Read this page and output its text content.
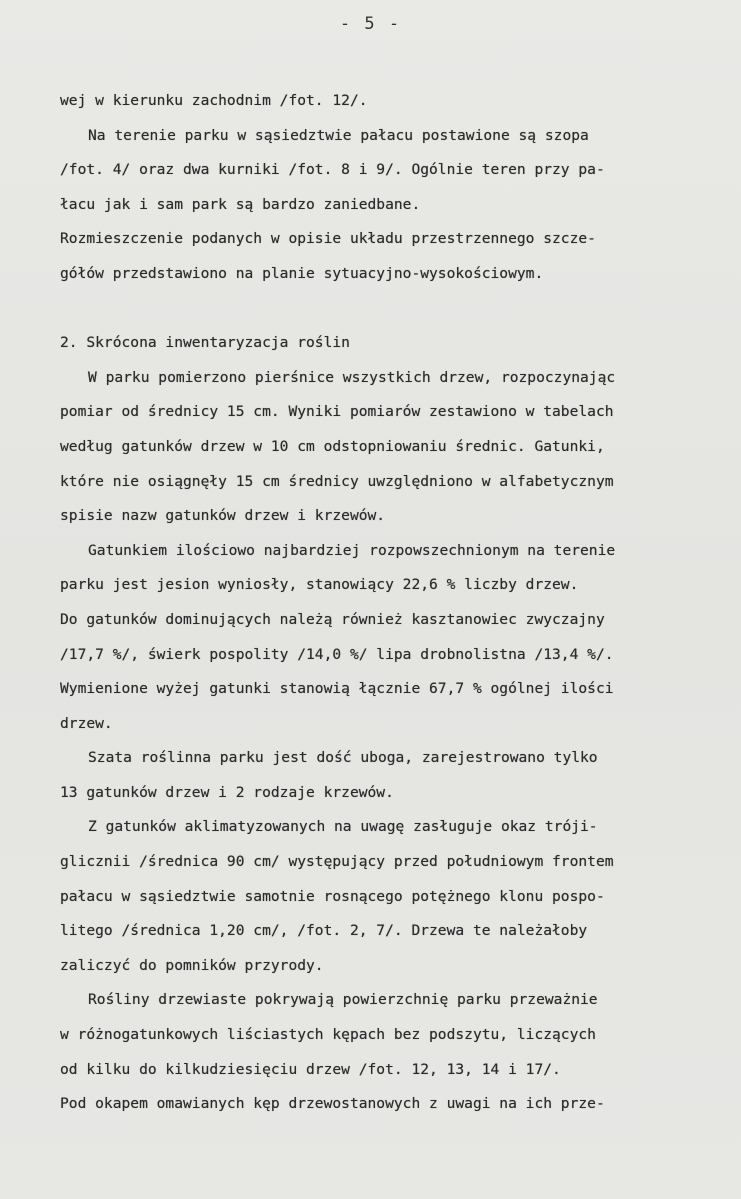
- 5 -
wej w kierunku zachodnim /fot. 12/.
Na terenie parku w sąsiedztwie pałacu postawione są szopa
/fot. 4/ oraz dwa kurniki /fot. 8 i 9/. Ogólnie teren przy pa-
łacu jak i sam park są bardzo zaniedbane.
Rozmieszczenie podanych w opisie układu przestrzennego szcze-
gółów przedstawiono na planie sytuacyjno-wysokościowym.
2. Skrócona inwentaryzacja roślin
W parku pomierzono pierśnice wszystkich drzew, rozpoczynając
pomiar od średnicy 15 cm. Wyniki pomiarów zestawiono w tabelach
według gatunków drzew w 10 cm odstopniowaniu średnic. Gatunki,
które nie osiągnęły 15 cm średnicy uwzględniono w alfabetycznym
spisie nazw gatunków drzew i krzewów.
Gatunkiem ilościowo najbardziej rozpowszechnionym na terenie
parku jest jesion wyniosły, stanowiący 22,6 % liczby drzew.
Do gatunków dominujących należą również kasztanowiec zwyczajny
/17,7 %/, świerk pospolity /14,0 %/ lipa drobnolistna /13,4 %/.
Wymienione wyżej gatunki stanowią łącznie 67,7 % ogólnej ilości
drzew.
Szata roślinna parku jest dość uboga, zarejestrowano tylko
13 gatunków drzew i 2 rodzaje krzewów.
Z gatunków aklimatyzowanych na uwagę zasługuje okaz tróji-
glicznii /średnica 90 cm/ występujący przed południowym frontem
pałacu w sąsiedztwie samotnie rosnącego potężnego klonu pospo-
litego /średnica 1,20 cm/, /fot. 2, 7/. Drzewa te należałoby
zaliczyć do pomników przyrody.
Rośliny drzewiaste pokrywają powierzchnię parku przeważnie
w różnogatunkowych liściastych kępach bez podszytu, liczących
od kilku do kilkudziesięciu drzew /fot. 12, 13, 14 i 17/.
Pod okapem omawianych kęp drzewostanowych z uwagi na ich prze-
